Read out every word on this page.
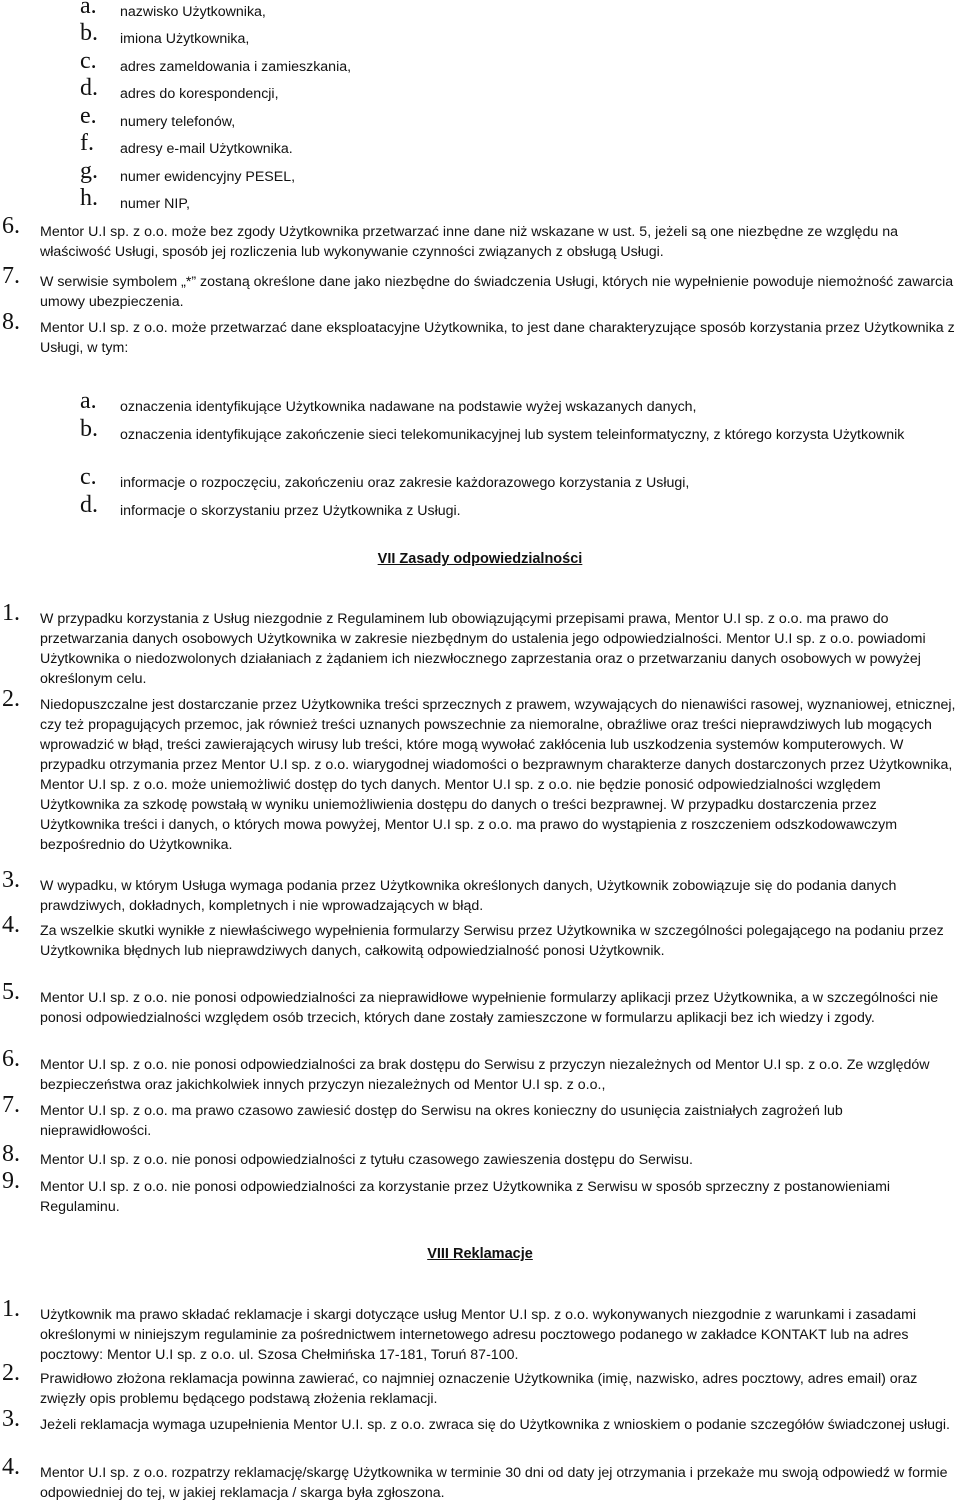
a. nazwisko Użytkownika,
b. imiona Użytkownika,
c. adres zameldowania i zamieszkania,
d. adres do korespondencji,
e. numery telefonów,
f. adresy e-mail Użytkownika.
g. numer ewidencyjny PESEL,
h. numer NIP,
6. Mentor U.I sp. z o.o. może bez zgody Użytkownika przetwarzać inne dane niż wskazane w ust. 5, jeżeli są one niezbędne ze względu na właściwość Usługi, sposób jej rozliczenia lub wykonywanie czynności związanych z obsługą Usługi.
7. W serwisie symbolem „*” zostaną określone dane jako niezbędne do świadczenia Usługi, których nie wypełnienie powoduje niemożność zawarcia umowy ubezpieczenia.
8. Mentor U.I sp. z o.o. może przetwarzać dane eksploatacyjne Użytkownika, to jest dane charakteryzujące sposób korzystania przez Użytkownika z Usługi, w tym:
a. oznaczenia identyfikujące Użytkownika nadawane na podstawie wyżej wskazanych danych,
b. oznaczenia identyfikujące zakończenie sieci telekomunikacyjnej lub system teleinformatyczny, z którego korzysta Użytkownik
c. informacje o rozpoczęciu, zakończeniu oraz zakresie każdorazowego korzystania z Usługi,
d. informacje o skorzystaniu przez Użytkownika z Usługi.
VII Zasady odpowiedzialności
1. W przypadku korzystania z Usług niezgodnie z Regulaminem lub obowiązującymi przepisami prawa, Mentor U.I sp. z o.o. ma prawo do przetwarzania danych osobowych Użytkownika w zakresie niezbędnym do ustalenia jego odpowiedzialności. Mentor U.I sp. z o.o. powiadomi Użytkownika o niedozwolonych działaniach z żądaniem ich niezwłocznego zaprzestania oraz o przetwarzaniu danych osobowych w powyżej określonym celu.
2. Niedopuszczalne jest dostarczanie przez Użytkownika treści sprzecznych z prawem, wzywających do nienawiści rasowej, wyznaniowej, etnicznej, czy też propagujących przemoc, jak również treści uznanych powszechnie za niemoralne, obraźliwe oraz treści nieprawdziwych lub mogących wprowadzić w błąd, treści zawierających wirusy lub treści, które mogą wywołać zakłócenia lub uszkodzenia systemów komputerowych. W przypadku otrzymania przez Mentor U.I sp. z o.o. wiarygodnej wiadomości o bezprawnym charakterze danych dostarczonych przez Użytkownika, Mentor U.I sp. z o.o. może uniemożliwić dostęp do tych danych. Mentor U.I sp. z o.o. nie będzie ponosić odpowiedzialności względem Użytkownika za szkodę powstałą w wyniku uniemożliwienia dostępu do danych o treści bezprawnej. W przypadku dostarczenia przez Użytkownika treści i danych, o których mowa powyżej, Mentor U.I sp. z o.o. ma prawo do wystąpienia z roszczeniem odszkodowawczym bezpośrednio do Użytkownika.
3. W wypadku, w którym Usługa wymaga podania przez Użytkownika określonych danych, Użytkownik zobowiązuje się do podania danych prawdziwych, dokładnych, kompletnych i nie wprowadzających w błąd.
4. Za wszelkie skutki wynikłe z niewłaściwego wypełnienia formularzy Serwisu przez Użytkownika w szczególności polegającego na podaniu przez Użytkownika błędnych lub nieprawdziwych danych, całkowitą odpowiedzialność ponosi Użytkownik.
5. Mentor U.I sp. z o.o. nie ponosi odpowiedzialności za nieprawidłowe wypełnienie formularzy aplikacji przez Użytkownika, a w szczególności nie ponosi odpowiedzialności względem osób trzecich, których dane zostały zamieszczone w formularzu aplikacji bez ich wiedzy i zgody.
6. Mentor U.I sp. z o.o. nie ponosi odpowiedzialności za brak dostępu do Serwisu z przyczyn niezależnych od Mentor U.I sp. z o.o. Ze względów bezpieczeństwa oraz jakichkolwiek innych przyczyn niezależnych od Mentor U.I sp. z o.o.,
7. Mentor U.I sp. z o.o. ma prawo czasowo zawiesić dostęp do Serwisu na okres konieczny do usunięcia zaistniałych zagrożeń lub nieprawidłowości.
8. Mentor U.I sp. z o.o. nie ponosi odpowiedzialności z tytułu czasowego zawieszenia dostępu do Serwisu.
9. Mentor U.I sp. z o.o. nie ponosi odpowiedzialności za korzystanie przez Użytkownika z Serwisu w sposób sprzeczny z postanowieniami Regulaminu.
VIII Reklamacje
1. Użytkownik ma prawo składać reklamacje i skargi dotyczące usług Mentor U.I sp. z o.o. wykonywanych niezgodnie z warunkami i zasadami określonymi w niniejszym regulaminie za pośrednictwem internetowego adresu pocztowego podanego w zakładce KONTAKT lub na adres pocztowy: Mentor U.I sp. z o.o. ul. Szosa Chełmińska 17-181, Toruń 87-100.
2. Prawidłowo złożona reklamacja powinna zawierać, co najmniej oznaczenie Użytkownika (imię, nazwisko, adres pocztowy, adres email) oraz zwięzły opis problemu będącego podstawą złożenia reklamacji.
3. Jeżeli reklamacja wymaga uzupełnienia Mentor U.I. sp. z o.o. zwraca się do Użytkownika z wnioskiem o podanie szczegółów świadczonej usługi.
4. Mentor U.I sp. z o.o. rozpatrzy reklamację/skargę Użytkownika w terminie 30 dni od daty jej otrzymania i przekaże mu swoją odpowiedź w formie odpowiedniej do tej, w jakiej reklamacja / skarga była zgłoszona.
